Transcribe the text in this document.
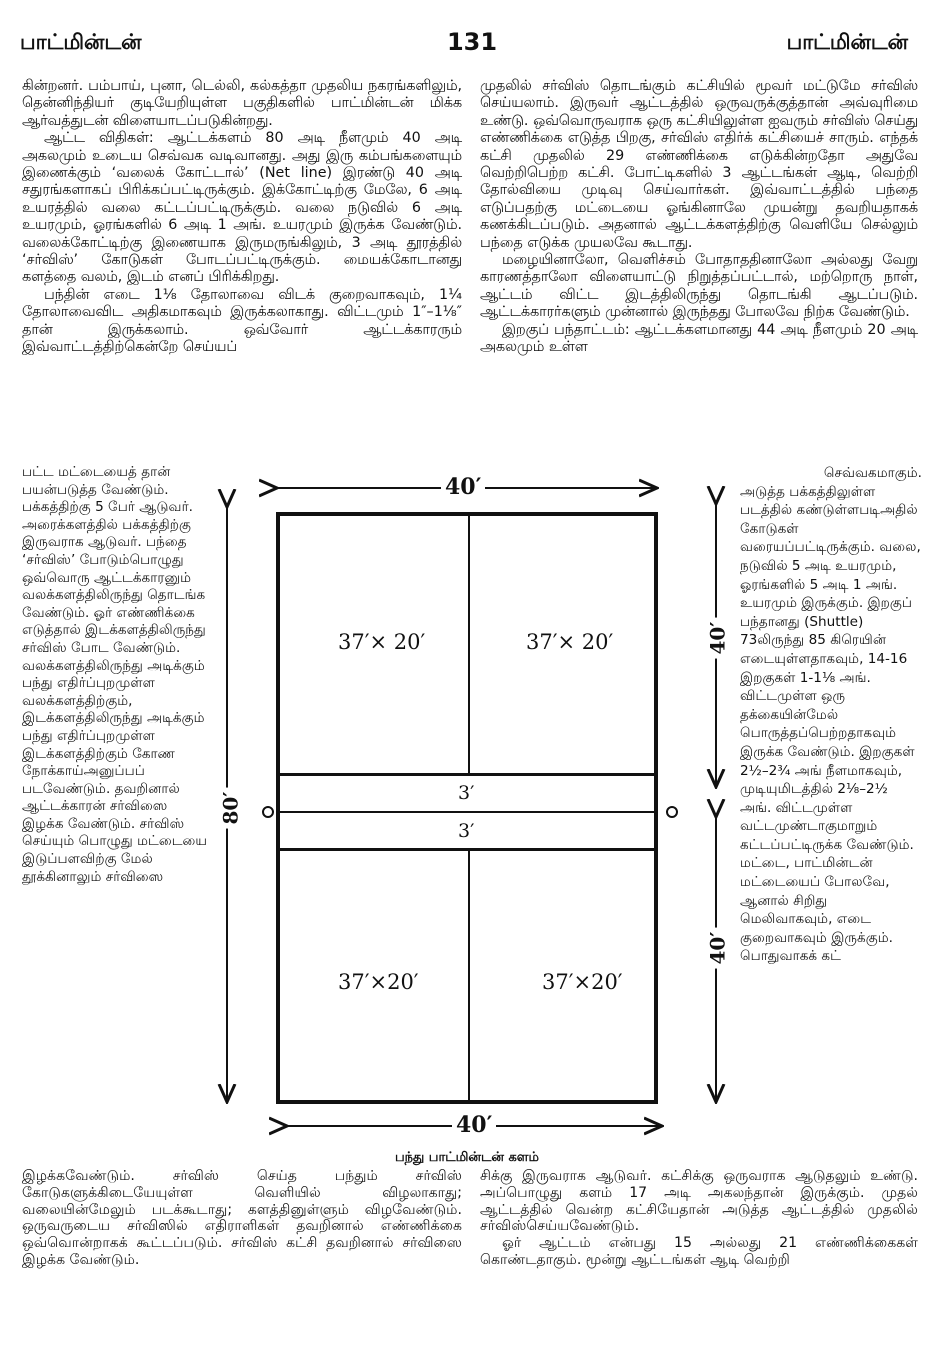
பாட்மின்டன்	131	பாட்மின்டன்

கின்றனர். பம்பாய், புனா, டெல்லி, கல்கத்தா முதலிய நகரங்களிலும், தென்னிந்தியர் குடியேறியுள்ள பகுதிகளில் பாட்மின்டன் மிக்க ஆர்வத்துடன் விளையாடப்படுகின்றது.

ஆட்ட விதிகள்: ஆட்டக்களம் 80 அடி நீளமும் 40 அடி அகலமும் உடைய செவ்வக வடிவானது. அது இரு கம்பங்களையும் இணைக்கும் ‘வலைக் கோட்டால்’ (Net line) இரண்டு 40 அடி சதுரங்களாகப் பிரிக்கப்பட்டிருக்கும். இக்கோட்டிற்கு மேலே, 6 அடி உயரத்தில் வலை கட்டப்பட்டிருக்கும். வலை நடுவில் 6 அடி உயரமும், ஓரங்களில் 6 அடி 1 அங். உயரமும் இருக்க வேண்டும். வலைக்கோட்டிற்கு இணையாக இருமருங்கிலும், 3 அடி தூரத்தில் ‘சர்விஸ்’ கோடுகள் போடப்பட்டிருக்கும். மையக்கோடானது களத்தை வலம், இடம் எனப் பிரிக்கிறது.

பந்தின் எடை 1⅛ தோலாவை விடக் குறைவாகவும், 1¼ தோலாவைவிட அதிகமாகவும் இருக்கலாகாது. விட்டமும் 1″–1⅛″ தான் இருக்கலாம். ஒவ்வோர் ஆட்டக்காரரும் இவ்வாட்டத்திற்கென்றே செய்யப்

முதலில் சர்விஸ் தொடங்கும் கட்சியில் மூவர் மட்டுமே சர்விஸ் செய்யலாம். இருவர் ஆட்டத்தில் ஒருவருக்குத்தான் அவ்வுரிமை உண்டு. ஒவ்வொருவராக ஒரு கட்சியிலுள்ள ஐவரும் சர்விஸ் செய்து எண்ணிக்கை எடுத்த பிறகு, சர்விஸ் எதிர்க் கட்சியைச் சாரும். எந்தக் கட்சி முதலில் 29 எண்ணிக்கை எடுக்கின்றதோ அதுவே வெற்றிபெற்ற கட்சி. போட்டிகளில் 3 ஆட்டங்கள் ஆடி, வெற்றி தோல்வியை முடிவு செய்வார்கள். இவ்வாட்டத்தில் பந்தை எடுப்பதற்கு மட்டையை ஓங்கினாலே முயன்று தவறியதாகக் கணக்கிடப்படும். அதனால் ஆட்டக்களத்திற்கு வெளியே செல்லும் பந்தை எடுக்க முயலவே கூடாது.

மழையினாலோ, வெளிச்சம் போதாததினாலோ அல்லது வேறு காரணத்தாலோ விளையாட்டு நிறுத்தப்பட்டால், மற்றொரு நாள், ஆட்டம் விட்ட இடத்திலிருந்து தொடங்கி ஆடப்படும். ஆட்டக்காரர்களும் முன்னால் இருந்தது போலவே நிற்க வேண்டும்.

இறகுப் பந்தாட்டம்: ஆட்டக்களமானது 44 அடி நீளமும் 20 அடி அகலமும் உள்ள

பட்ட மட்டையைத் தான் பயன்படுத்த வேண்டும். பக்கத்திற்கு 5 பேர் ஆடுவர். அரைக்களத்தில் பக்கத்திற்கு இருவராக ஆடுவர். பந்தை ‘சர்விஸ்’ போடும்பொழுது ஒவ்வொரு ஆட்டக்காரனும் வலக்களத்திலிருந்து தொடங்க வேண்டும். ஓர் எண்ணிக்கை எடுத்தால் இடக்களத்திலிருந்து சர்விஸ் போட வேண்டும். வலக்களத்திலிருந்து அடிக்கும் பந்து எதிர்ப்புறமுள்ள வலக்களத்திற்கும், இடக்களத்திலிருந்து அடிக்கும் பந்து எதிர்ப்புறமுள்ள இடக்களத்திற்கும் கோண நோக்காய்அனுப்பப் படவேண்டும். தவறினால் ஆட்டக்காரன் சர்விஸை இழக்க வேண்டும். சர்விஸ் செய்யும் பொழுது மட்டையை இடுப்பளவிற்கு மேல் தூக்கினாலும் சர்விஸை

செவ்வகமாகும்.

அடுத்த பக்கத்திலுள்ள படத்தில் கண்டுள்ளபடிஅதில் கோடுகள் வரையப்பட்டிருக்கும். வலை, நடுவில் 5 அடி உயரமும், ஓரங்களில் 5 அடி 1 அங். உயரமும் இருக்கும். இறகுப் பந்தானது (Shuttle) 73லிருந்து 85 கிரெயின் எடையுள்ளதாகவும், 14-16 இறகுகள் 1-1⅛ அங். விட்டமுள்ள ஒரு தக்கையின்மேல் பொருத்தப்பெற்றதாகவும் இருக்க வேண்டும். இறகுகள் 2½–2¾ அங் நீளமாகவும், முடியுமிடத்தில் 2⅛–2½ அங். விட்டமுள்ள வட்டமுண்டாகுமாறும் கட்டப்பட்டிருக்க வேண்டும். மட்டை, பாட்மின்டன் மட்டையைப் போலவே, ஆனால் சிறிது மெலிவாகவும், எடை குறைவாகவும் இருக்கும். பொதுவாகக் கட்

37′× 20′	37′× 20′
3′
3′
37′×20′	37′×20′
40′
40′
80′
40′
40′
பந்து பாட்மின்டன் களம்

இழக்கவேண்டும். சர்விஸ் செய்த பந்தும் சர்விஸ் கோடுகளுக்கிடையேயுள்ள வெளியில் விழலாகாது; வலையின்மேலும் படக்கூடாது; களத்தினுள்ளும் விழவேண்டும். ஒருவருடைய சர்விஸில் எதிராளிகள் தவறினால் எண்ணிக்கை ஒவ்வொன்றாகக் கூட்டப்படும். சர்விஸ் கட்சி தவறினால் சர்விஸை இழக்க வேண்டும்.

சிக்கு இருவராக ஆடுவர். கட்சிக்கு ஒருவராக ஆடுதலும் உண்டு. அப்பொழுது களம் 17 அடி அகலந்தான் இருக்கும். முதல் ஆட்டத்தில் வென்ற கட்சியேதான் அடுத்த ஆட்டத்தில் முதலில் சர்விஸ்செய்யவேண்டும்.

ஓர் ஆட்டம் என்பது 15 அல்லது 21 எண்ணிக்கைகள் கொண்டதாகும். மூன்று ஆட்டங்கள் ஆடி வெற்றி
